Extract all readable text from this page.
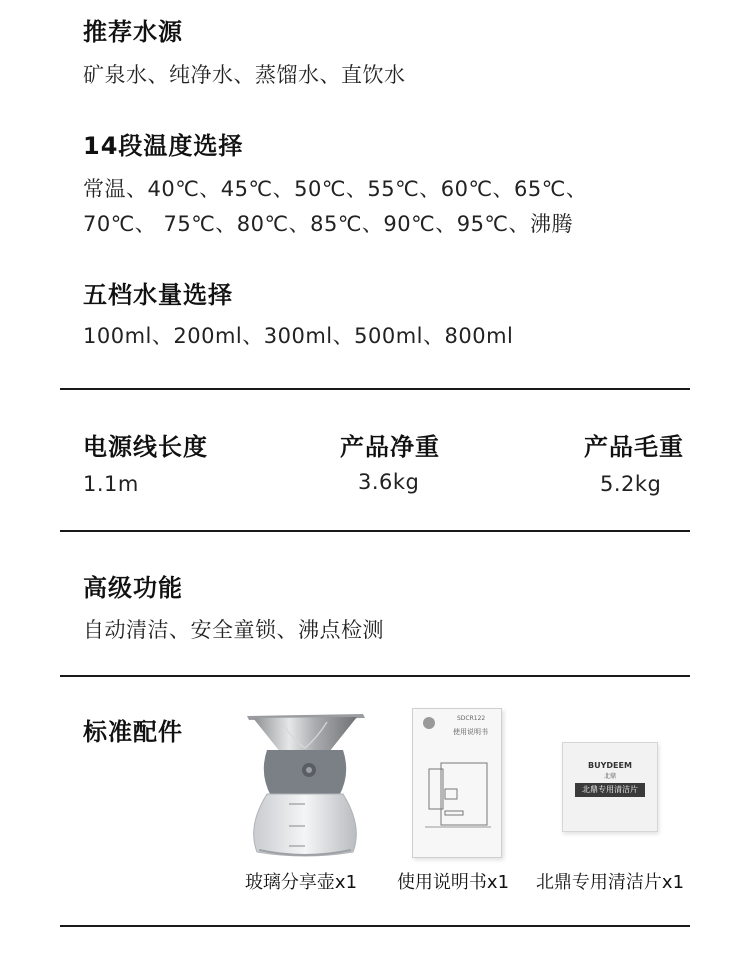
推荐水源
矿泉水、纯净水、蒸馏水、直饮水
14段温度选择
常温、40℃、45℃、50℃、55℃、60℃、65℃、
70℃、 75℃、80℃、85℃、90℃、95℃、沸腾
五档水量选择
100ml、200ml、300ml、500ml、800ml
电源线长度
1.1m
产品净重
3.6kg
产品毛重
5.2kg
高级功能
自动清洁、安全童锁、沸点检测
标准配件
玻璃分享壶x1
SDCR122
使用说明书
使用说明书x1
BUYDEEM
北鼎
北鼎专用清洁片
北鼎专用清洁片x1
